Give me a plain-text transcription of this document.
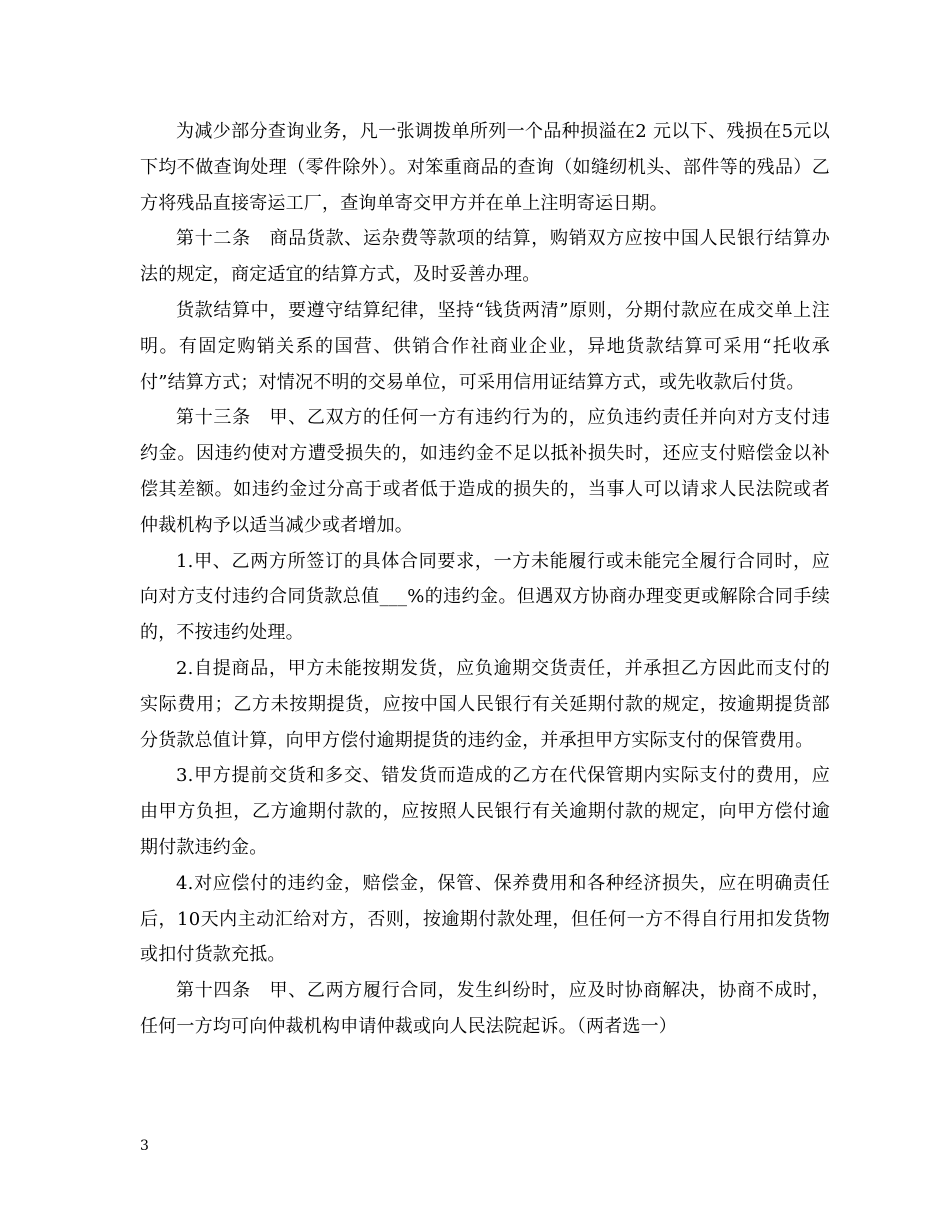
为减少部分查询业务，凡一张调拨单所列一个品种损溢在2 元以下、残损在5元以下均不做查询处理（零件除外）。对笨重商品的查询（如缝纫机头、部件等的残品）乙方将残品直接寄运工厂，查询单寄交甲方并在单上注明寄运日期。

第十二条　商品货款、运杂费等款项的结算，购销双方应按中国人民银行结算办法的规定，商定适宜的结算方式，及时妥善办理。

货款结算中，要遵守结算纪律，坚持“钱货两清”原则，分期付款应在成交单上注明。有固定购销关系的国营、供销合作社商业企业，异地货款结算可采用“托收承付”结算方式；对情况不明的交易单位，可采用信用证结算方式，或先收款后付货。

第十三条　甲、乙双方的任何一方有违约行为的，应负违约责任并向对方支付违约金。因违约使对方遭受损失的，如违约金不足以抵补损失时，还应支付赔偿金以补偿其差额。如违约金过分高于或者低于造成的损失的，当事人可以请求人民法院或者仲裁机构予以适当减少或者增加。

1.甲、乙两方所签订的具体合同要求，一方未能履行或未能完全履行合同时，应向对方支付违约合同货款总值___%的违约金。但遇双方协商办理变更或解除合同手续的，不按违约处理。

2.自提商品，甲方未能按期发货，应负逾期交货责任，并承担乙方因此而支付的实际费用；乙方未按期提货，应按中国人民银行有关延期付款的规定，按逾期提货部分货款总值计算，向甲方偿付逾期提货的违约金，并承担甲方实际支付的保管费用。

3.甲方提前交货和多交、错发货而造成的乙方在代保管期内实际支付的费用，应由甲方负担，乙方逾期付款的，应按照人民银行有关逾期付款的规定，向甲方偿付逾期付款违约金。

4.对应偿付的违约金，赔偿金，保管、保养费用和各种经济损失，应在明确责任后，10天内主动汇给对方，否则，按逾期付款处理，但任何一方不得自行用扣发货物或扣付货款充抵。

第十四条　甲、乙两方履行合同，发生纠纷时，应及时协商解决，协商不成时，任何一方均可向仲裁机构申请仲裁或向人民法院起诉。（两者选一）

3
